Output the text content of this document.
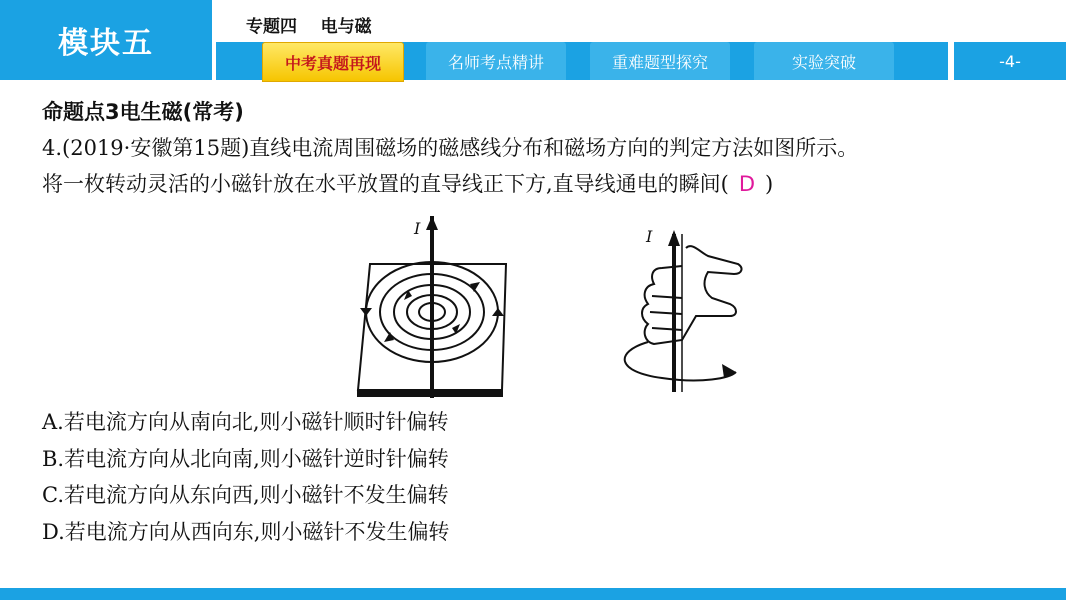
模块五	专题四    电与磁
中考真题再现	名师考点精讲	重难题型探究	实验突破	-4-
命题点3电生磁(常考)
4.(2019·安徽第15题)直线电流周围磁场的磁感线分布和磁场方向的判定方法如图所示。
将一枚转动灵活的小磁针放在水平放置的直导线正下方,直导线通电的瞬间( D )
I	I
A.若电流方向从南向北,则小磁针顺时针偏转
B.若电流方向从北向南,则小磁针逆时针偏转
C.若电流方向从东向西,则小磁针不发生偏转
D.若电流方向从西向东,则小磁针不发生偏转
